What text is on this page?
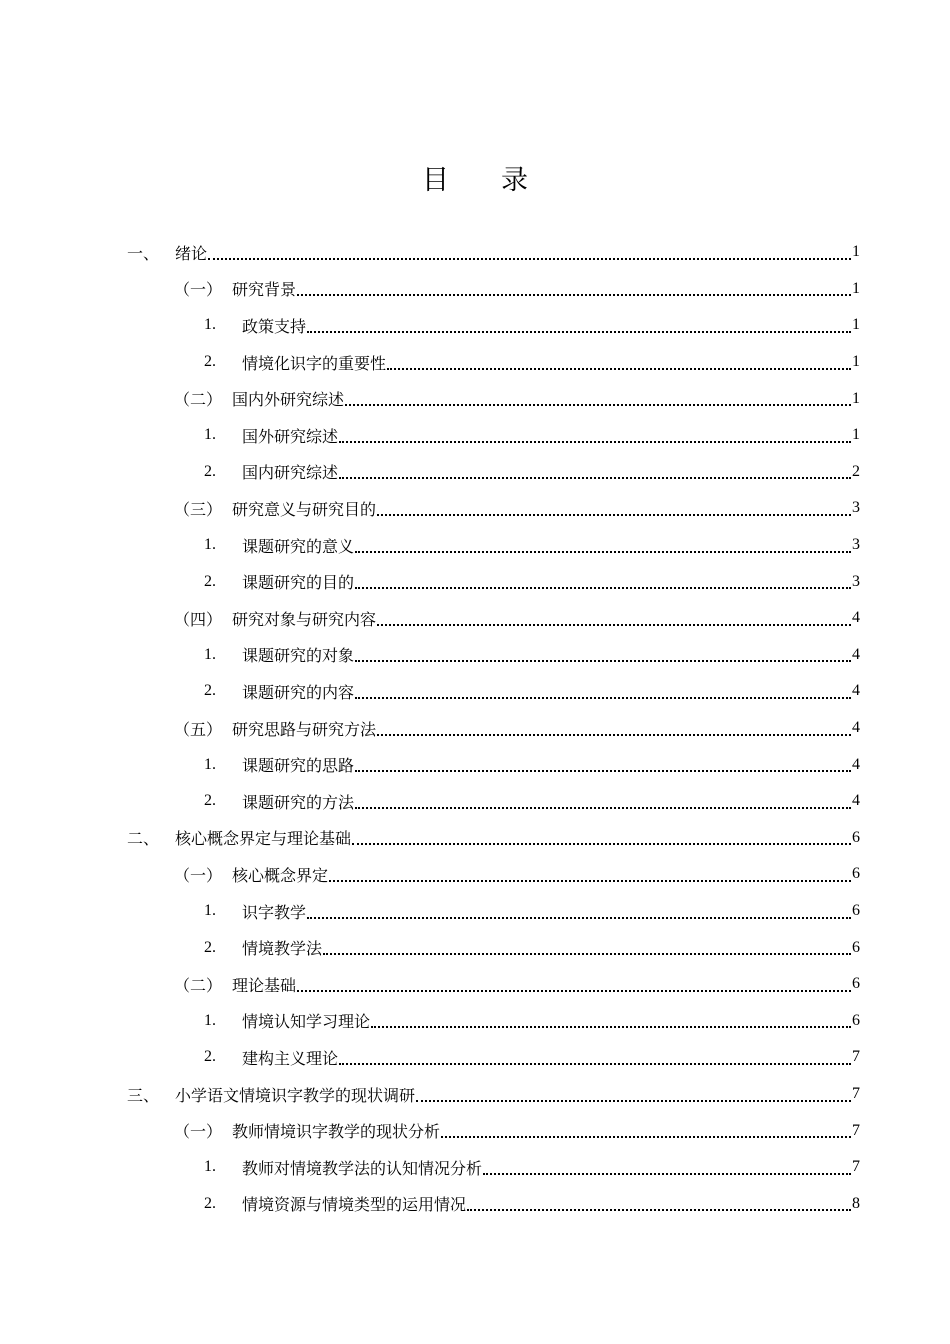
目 录
一、 绪论	1
（一） 研究背景	1
1.	政策支持	1
2.	情境化识字的重要性	1
（二） 国内外研究综述	1
1.	国外研究综述	1
2.	国内研究综述	2
（三） 研究意义与研究目的	3
1.	课题研究的意义	3
2.	课题研究的目的	3
（四） 研究对象与研究内容	4
1.	课题研究的对象	4
2.	课题研究的内容	4
（五） 研究思路与研究方法	4
1.	课题研究的思路	4
2.	课题研究的方法	4
二、 核心概念界定与理论基础	6
（一） 核心概念界定	6
1.	识字教学	6
2.	情境教学法	6
（二） 理论基础	6
1.	情境认知学习理论	6
2.	建构主义理论	7
三、 小学语文情境识字教学的现状调研	7
（一） 教师情境识字教学的现状分析	7
1.	教师对情境教学法的认知情况分析	7
2.	情境资源与情境类型的运用情况	8
